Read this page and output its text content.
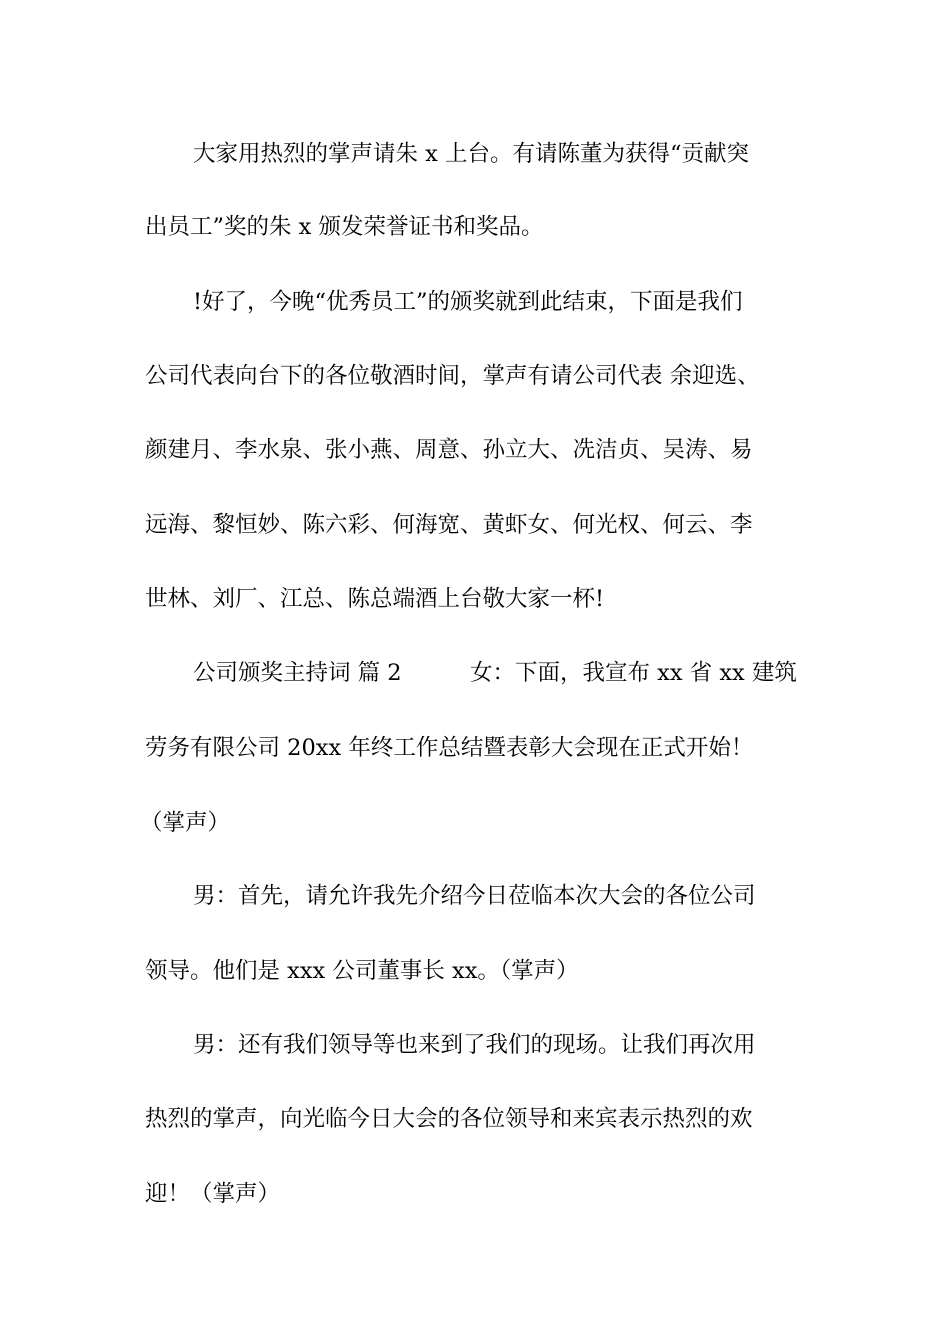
大家用热烈的掌声请朱 x 上台。有请陈董为获得“贡献突
出员工”奖的朱 x 颁发荣誉证书和奖品。
!好了，今晚“优秀员工”的颁奖就到此结束，下面是我们
公司代表向台下的各位敬酒时间，掌声有请公司代表 余迎选、
颜建月、李水泉、张小燕、周意、孙立大、冼洁贞、吴涛、易
远海、黎恒妙、陈六彩、何海宽、黄虾女、何光权、何云、李
世林、刘厂、江总、陈总端酒上台敬大家一杯!
公司颁奖主持词 篇 2	女：下面，我宣布 xx 省 xx 建筑
劳务有限公司 20xx 年终工作总结暨表彰大会现在正式开始！
（掌声）
男：首先，请允许我先介绍今日莅临本次大会的各位公司
领导。他们是 xxx 公司董事长 xx。（掌声）
男：还有我们领导等也来到了我们的现场。让我们再次用
热烈的掌声，向光临今日大会的各位领导和来宾表示热烈的欢
迎！（掌声）
